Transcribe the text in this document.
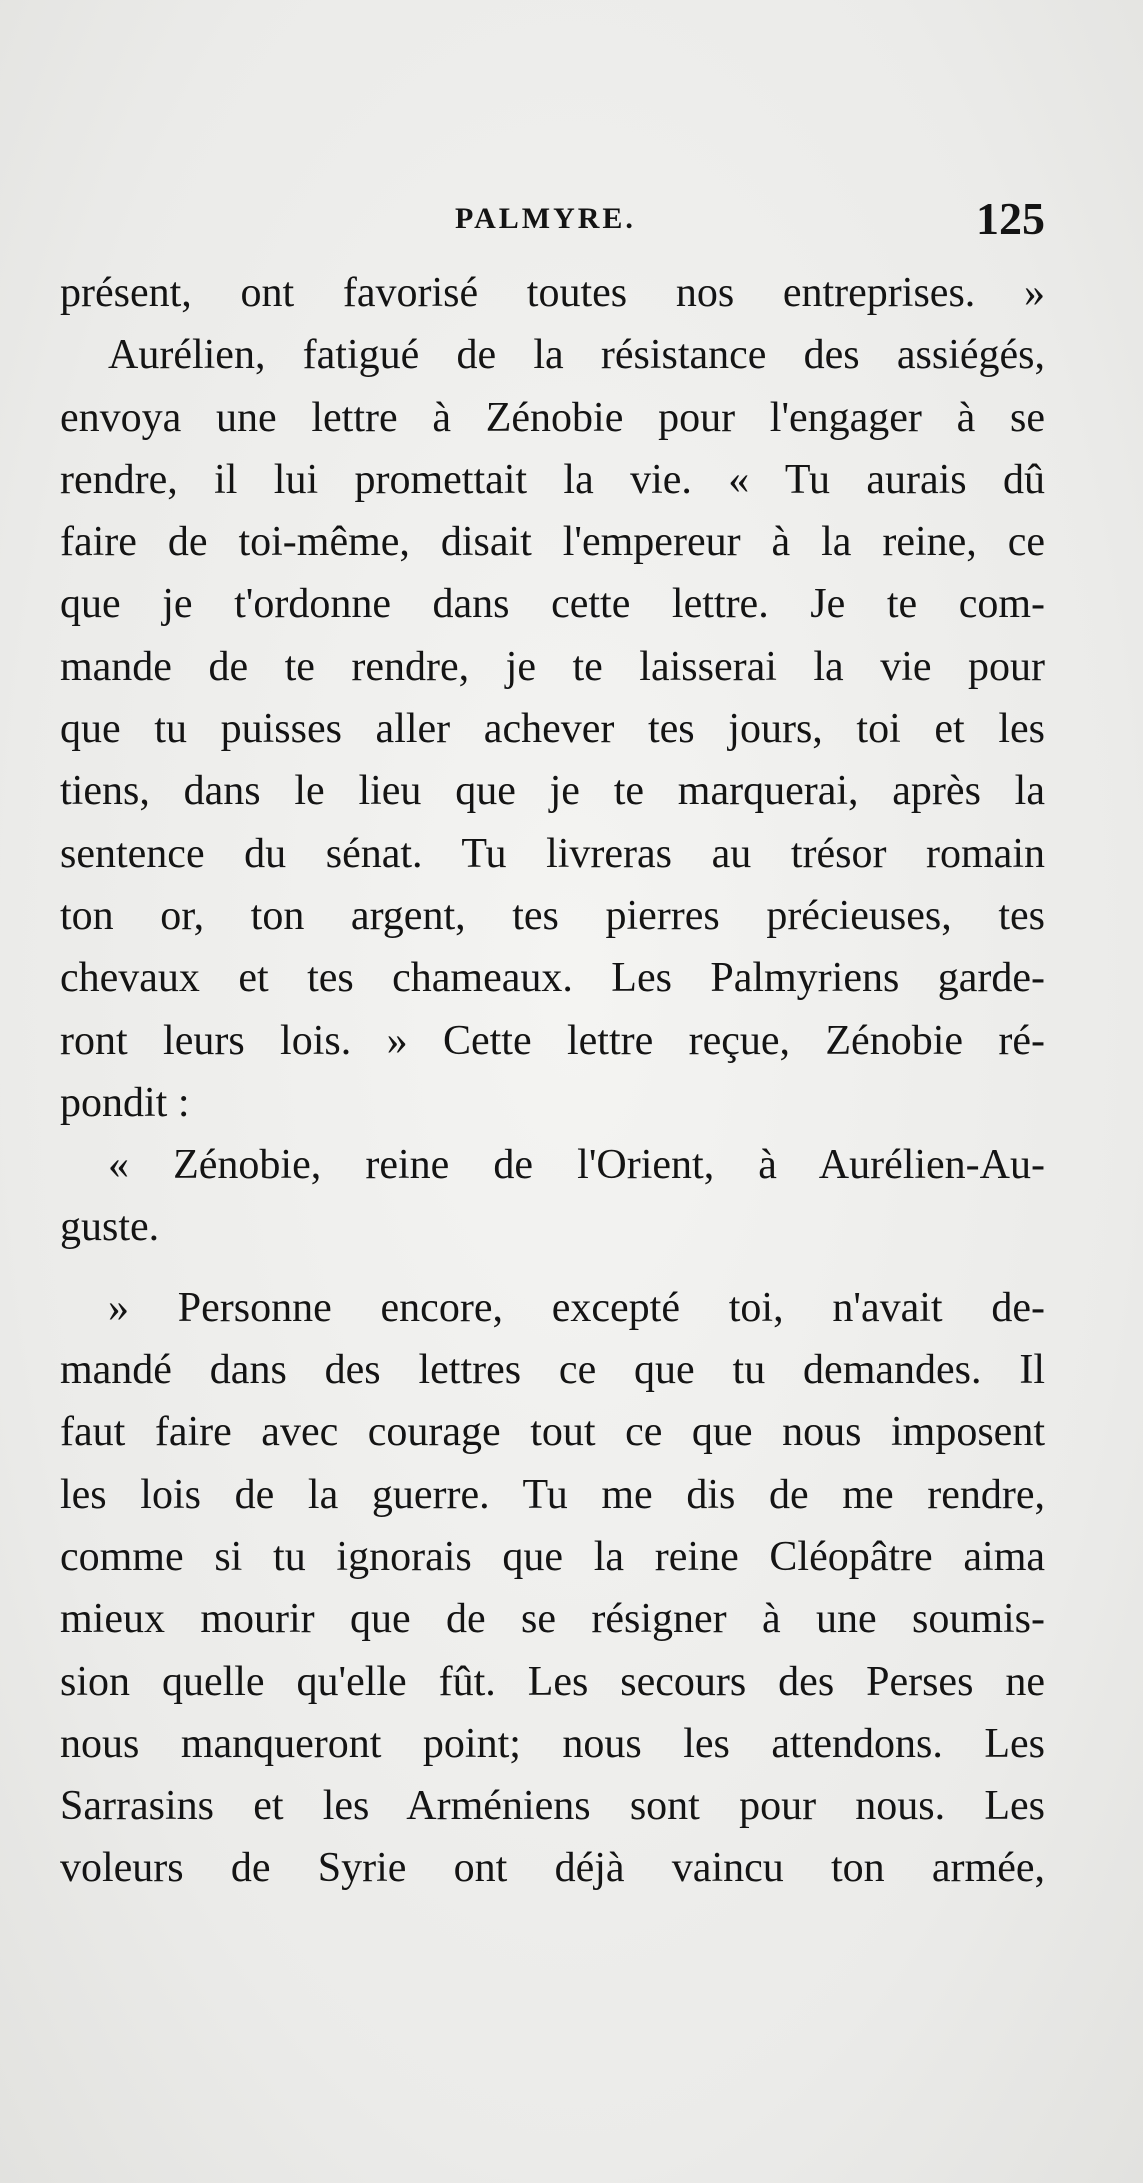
PALMYRE.	125
présent, ont favorisé toutes nos entreprises. »
Aurélien, fatigué de la résistance des assiégés,
envoya une lettre à Zénobie pour l'engager à se
rendre, il lui promettait la vie. « Tu aurais dû
faire de toi-même, disait l'empereur à la reine, ce
que je t'ordonne dans cette lettre. Je te com-
mande de te rendre, je te laisserai la vie pour
que tu puisses aller achever tes jours, toi et les
tiens, dans le lieu que je te marquerai, après la
sentence du sénat. Tu livreras au trésor romain
ton or, ton argent, tes pierres précieuses, tes
chevaux et tes chameaux. Les Palmyriens garde-
ront leurs lois. » Cette lettre reçue, Zénobie ré-
pondit :
« Zénobie, reine de l'Orient, à Aurélien-Au-
guste.
» Personne encore, excepté toi, n'avait de-
mandé dans des lettres ce que tu demandes. Il
faut faire avec courage tout ce que nous imposent
les lois de la guerre. Tu me dis de me rendre,
comme si tu ignorais que la reine Cléopâtre aima
mieux mourir que de se résigner à une soumis-
sion quelle qu'elle fût. Les secours des Perses ne
nous manqueront point; nous les attendons. Les
Sarrasins et les Arméniens sont pour nous. Les
voleurs de Syrie ont déjà vaincu ton armée,
